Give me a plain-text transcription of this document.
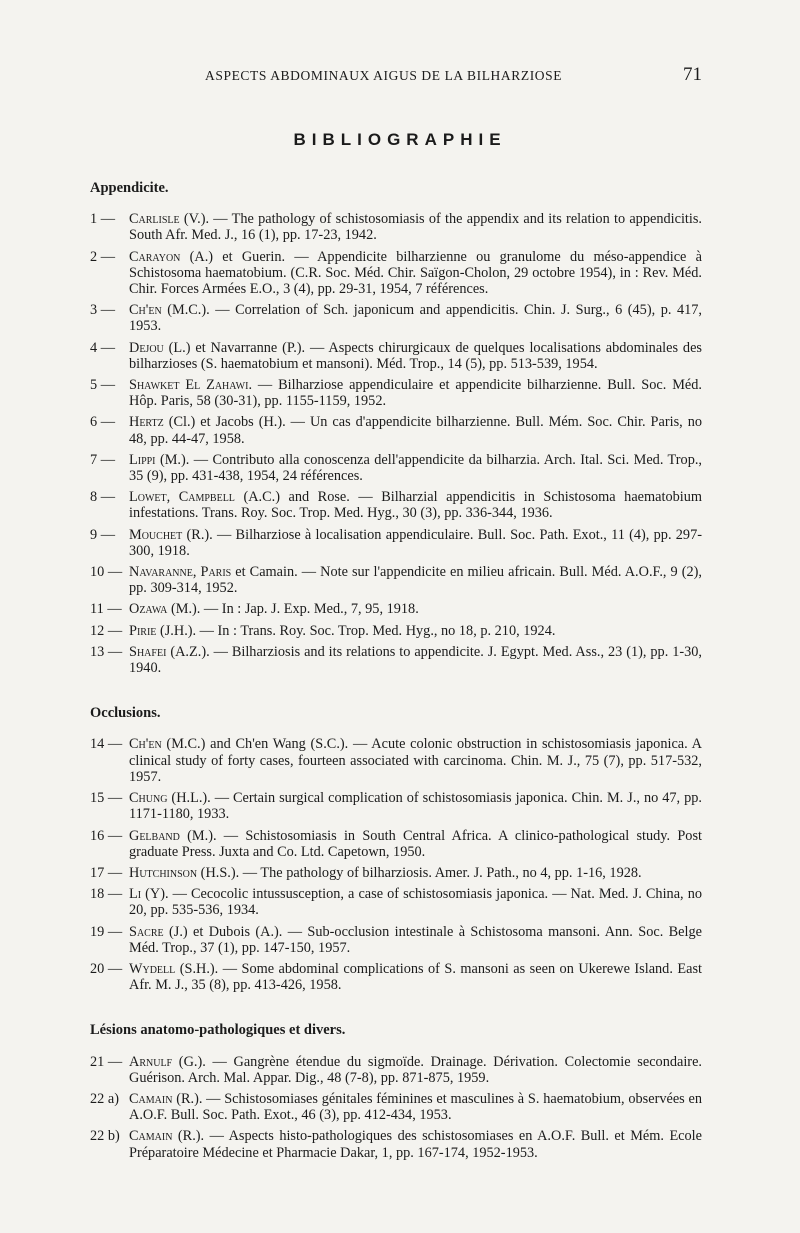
ASPECTS ABDOMINAUX AIGUS DE LA BILHARZIOSE	71
BIBLIOGRAPHIE
Appendicite.
1 — Carlisle (V.). — The pathology of schistosomiasis of the appendix and its relation to appendicitis. South Afr. Med. J., 16 (1), pp. 17-23, 1942.
2 — Carayon (A.) et Guerin. — Appendicite bilharzienne ou granulome du méso-appendice à Schistosoma haematobium. (C.R. Soc. Méd. Chir. Saïgon-Cholon, 29 octobre 1954), in : Rev. Méd. Chir. Forces Armées E.O., 3 (4), pp. 29-31, 1954, 7 références.
3 — Ch'en (M.C.). — Correlation of Sch. japonicum and appendicitis. Chin. J. Surg., 6 (45), p. 417, 1953.
4 — Dejou (L.) et Navarranne (P.). — Aspects chirurgicaux de quelques localisations abdominales des bilharzioses (S. haematobium et mansoni). Méd. Trop., 14 (5), pp. 513-539, 1954.
5 — Shawket El Zahawi. — Bilharziose appendiculaire et appendicite bilharzienne. Bull. Soc. Méd. Hôp. Paris, 58 (30-31), pp. 1155-1159, 1952.
6 — Hertz (Cl.) et Jacobs (H.). — Un cas d'appendicite bilharzienne. Bull. Mém. Soc. Chir. Paris, no 48, pp. 44-47, 1958.
7 — Lippi (M.). — Contributo alla conoscenza dell'appendicite da bilharzia. Arch. Ital. Sci. Med. Trop., 35 (9), pp. 431-438, 1954, 24 références.
8 — Lowet, Campbell (A.C.) and Rose. — Bilharzial appendicitis in Schistosoma haematobium infestations. Trans. Roy. Soc. Trop. Med. Hyg., 30 (3), pp. 336-344, 1936.
9 — Mouchet (R.). — Bilharziose à localisation appendiculaire. Bull. Soc. Path. Exot., 11 (4), pp. 297-300, 1918.
10 — Navaranne, Paris et Camain. — Note sur l'appendicite en milieu africain. Bull. Méd. A.O.F., 9 (2), pp. 309-314, 1952.
11 — Ozawa (M.). — In : Jap. J. Exp. Med., 7, 95, 1918.
12 — Pirie (J.H.). — In : Trans. Roy. Soc. Trop. Med. Hyg., no 18, p. 210, 1924.
13 — Shafei (A.Z.). — Bilharziosis and its relations to appendicite. J. Egypt. Med. Ass., 23 (1), pp. 1-30, 1940.
Occlusions.
14 — Ch'en (M.C.) and Ch'en Wang (S.C.). — Acute colonic obstruction in schistosomiasis japonica. A clinical study of forty cases, fourteen associated with carcinoma. Chin. M. J., 75 (7), pp. 517-532, 1957.
15 — Chung (H.L.). — Certain surgical complication of schistosomiasis japonica. Chin. M. J., no 47, pp. 1171-1180, 1933.
16 — Gelband (M.). — Schistosomiasis in South Central Africa. A clinico-pathological study. Post graduate Press. Juxta and Co. Ltd. Capetown, 1950.
17 — Hutchinson (H.S.). — The pathology of bilharziosis. Amer. J. Path., no 4, pp. 1-16, 1928.
18 — Li (Y). — Cecocolic intussusception, a case of schistosomiasis japonica. — Nat. Med. J. China, no 20, pp. 535-536, 1934.
19 — Sacre (J.) et Dubois (A.). — Sub-occlusion intestinale à Schistosoma mansoni. Ann. Soc. Belge Méd. Trop., 37 (1), pp. 147-150, 1957.
20 — Wydell (S.H.). — Some abdominal complications of S. mansoni as seen on Ukerewe Island. East Afr. M. J., 35 (8), pp. 413-426, 1958.
Lésions anatomo-pathologiques et divers.
21 — Arnulf (G.). — Gangrène étendue du sigmoïde. Drainage. Dérivation. Colectomie secondaire. Guérison. Arch. Mal. Appar. Dig., 48 (7-8), pp. 871-875, 1959.
22 a) Camain (R.). — Schistosomiases génitales féminines et masculines à S. haematobium, observées en A.O.F. Bull. Soc. Path. Exot., 46 (3), pp. 412-434, 1953.
22 b) Camain (R.). — Aspects histo-pathologiques des schistosomiases en A.O.F. Bull. et Mém. Ecole Préparatoire Médecine et Pharmacie Dakar, 1, pp. 167-174, 1952-1953.
